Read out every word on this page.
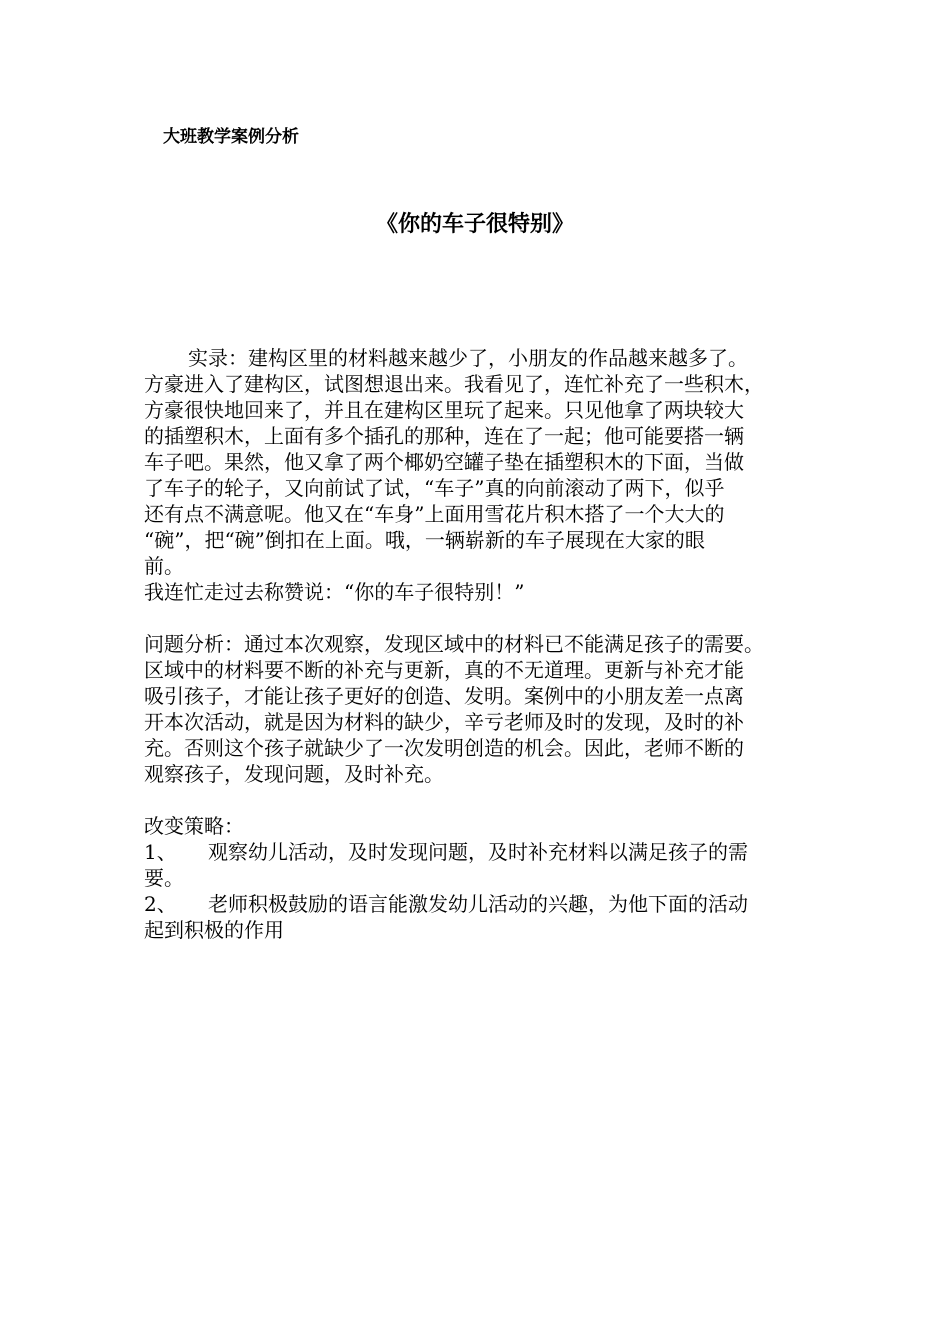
大班教学案例分析
《你的车子很特别》
实录：建构区里的材料越来越少了，小朋友的作品越来越多了。
方豪进入了建构区，试图想退出来。我看见了，连忙补充了一些积木，
方豪很快地回来了，并且在建构区里玩了起来。只见他拿了两块较大
的插塑积木，上面有多个插孔的那种，连在了一起；他可能要搭一辆
车子吧。果然，他又拿了两个椰奶空罐子垫在插塑积木的下面，当做
了车子的轮子，又向前试了试，“车子”真的向前滚动了两下，似乎
还有点不满意呢。他又在“车身”上面用雪花片积木搭了一个大大的
“碗”，把“碗”倒扣在上面。哦，一辆崭新的车子展现在大家的眼
前。
我连忙走过去称赞说：“你的车子很特别！”
问题分析：通过本次观察，发现区域中的材料已不能满足孩子的需要。
区域中的材料要不断的补充与更新，真的不无道理。更新与补充才能
吸引孩子，才能让孩子更好的创造、发明。案例中的小朋友差一点离
开本次活动，就是因为材料的缺少，辛亏老师及时的发现，及时的补
充。否则这个孩子就缺少了一次发明创造的机会。因此，老师不断的
观察孩子，发现问题，及时补充。
改变策略：
1、 观察幼儿活动，及时发现问题，及时补充材料以满足孩子的需
要。
2、 老师积极鼓励的语言能激发幼儿活动的兴趣，为他下面的活动
起到积极的作用
